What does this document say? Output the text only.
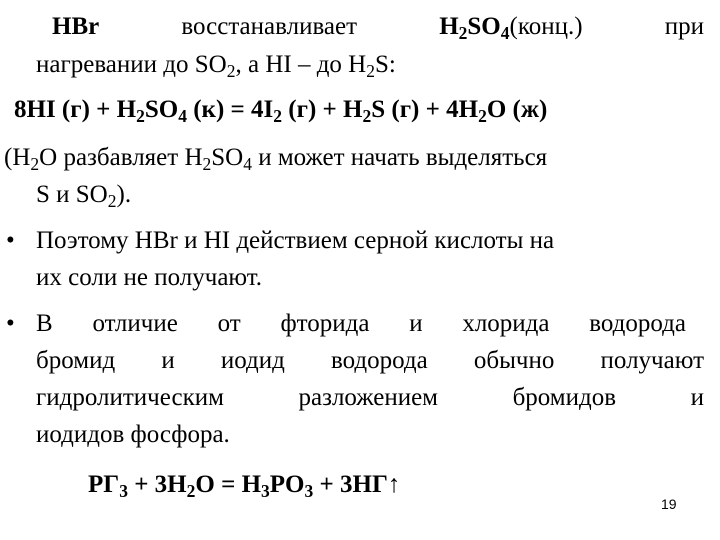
HBr	восстанавливает	$H_2SO_4(конц.)$	при
нагревании до $SO_2$, а HI – до $H_2S$:
8HI $(г) + H_2SO_4$ $(к) = 4I_2$ $(г) + H_2S$ $(г) + 4H_2O$ (ж)
($H_2O$ разбавляет $H_2SO_4$ и может начать выделяться
S и $SO_2$).
• Поэтому HBr и HI действием серной кислоты на
их соли не получают.
• В отличие от фторида и хлорида водорода
бромид и иодид водорода обычно получают
гидролитическим	разложением	бромидов	и
иодидов фосфора.
$РГ_3 + 3H_2O = H_3PO_3$ + 3HГ↑
19
